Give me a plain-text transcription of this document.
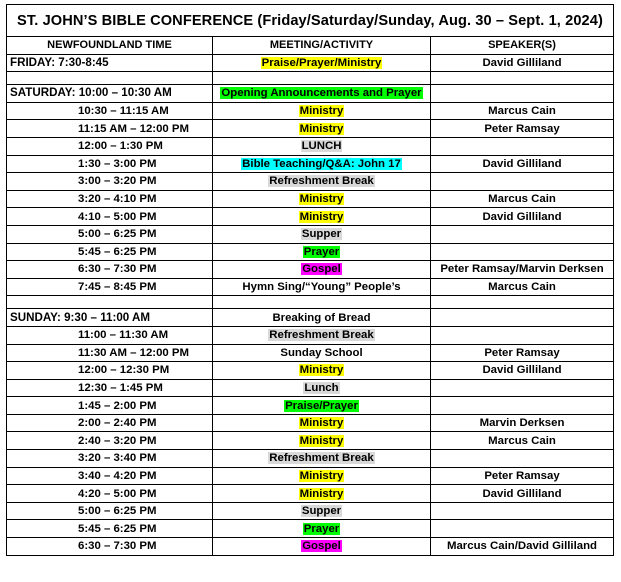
ST. JOHN’S BIBLE CONFERENCE (Friday/Saturday/Sunday, Aug. 30 – Sept. 1, 2024)		
NEWFOUNDLAND TIME	MEETING/ACTIVITY	SPEAKER(S)
FRIDAY: 7:30-8:45	Praise/Prayer/Ministry	David Gilliland

SATURDAY: 10:00 – 10:30 AM	Opening Announcements and Prayer	
10:30 – 11:15 AM	Ministry	Marcus Cain
11:15 AM – 12:00 PM	Ministry	Peter Ramsay
12:00 – 1:30 PM	LUNCH	
1:30 – 3:00 PM	Bible Teaching/Q&A: John 17	David Gilliland
3:00 – 3:20 PM	Refreshment Break	
3:20 – 4:10 PM	Ministry	Marcus Cain
4:10 – 5:00 PM	Ministry	David Gilliland
5:00 – 6:25 PM	Supper	
5:45 – 6:25 PM	Prayer	
6:30 – 7:30 PM	Gospel	Peter Ramsay/Marvin Derksen
7:45 – 8:45 PM	Hymn Sing/“Young” People’s	Marcus Cain

SUNDAY: 9:30 – 11:00 AM	Breaking of Bread	
11:00 – 11:30 AM	Refreshment Break	
11:30 AM – 12:00 PM	Sunday School	Peter Ramsay
12:00 – 12:30 PM	Ministry	David Gilliland
12:30 – 1:45 PM	Lunch	
1:45 – 2:00 PM	Praise/Prayer	
2:00 – 2:40 PM	Ministry	Marvin Derksen
2:40 – 3:20 PM	Ministry	Marcus Cain
3:20 – 3:40 PM	Refreshment Break	
3:40 – 4:20 PM	Ministry	Peter Ramsay
4:20 – 5:00 PM	Ministry	David Gilliland
5:00 – 6:25 PM	Supper	
5:45 – 6:25 PM	Prayer	
6:30 – 7:30 PM	Gospel	Marcus Cain/David Gilliland
